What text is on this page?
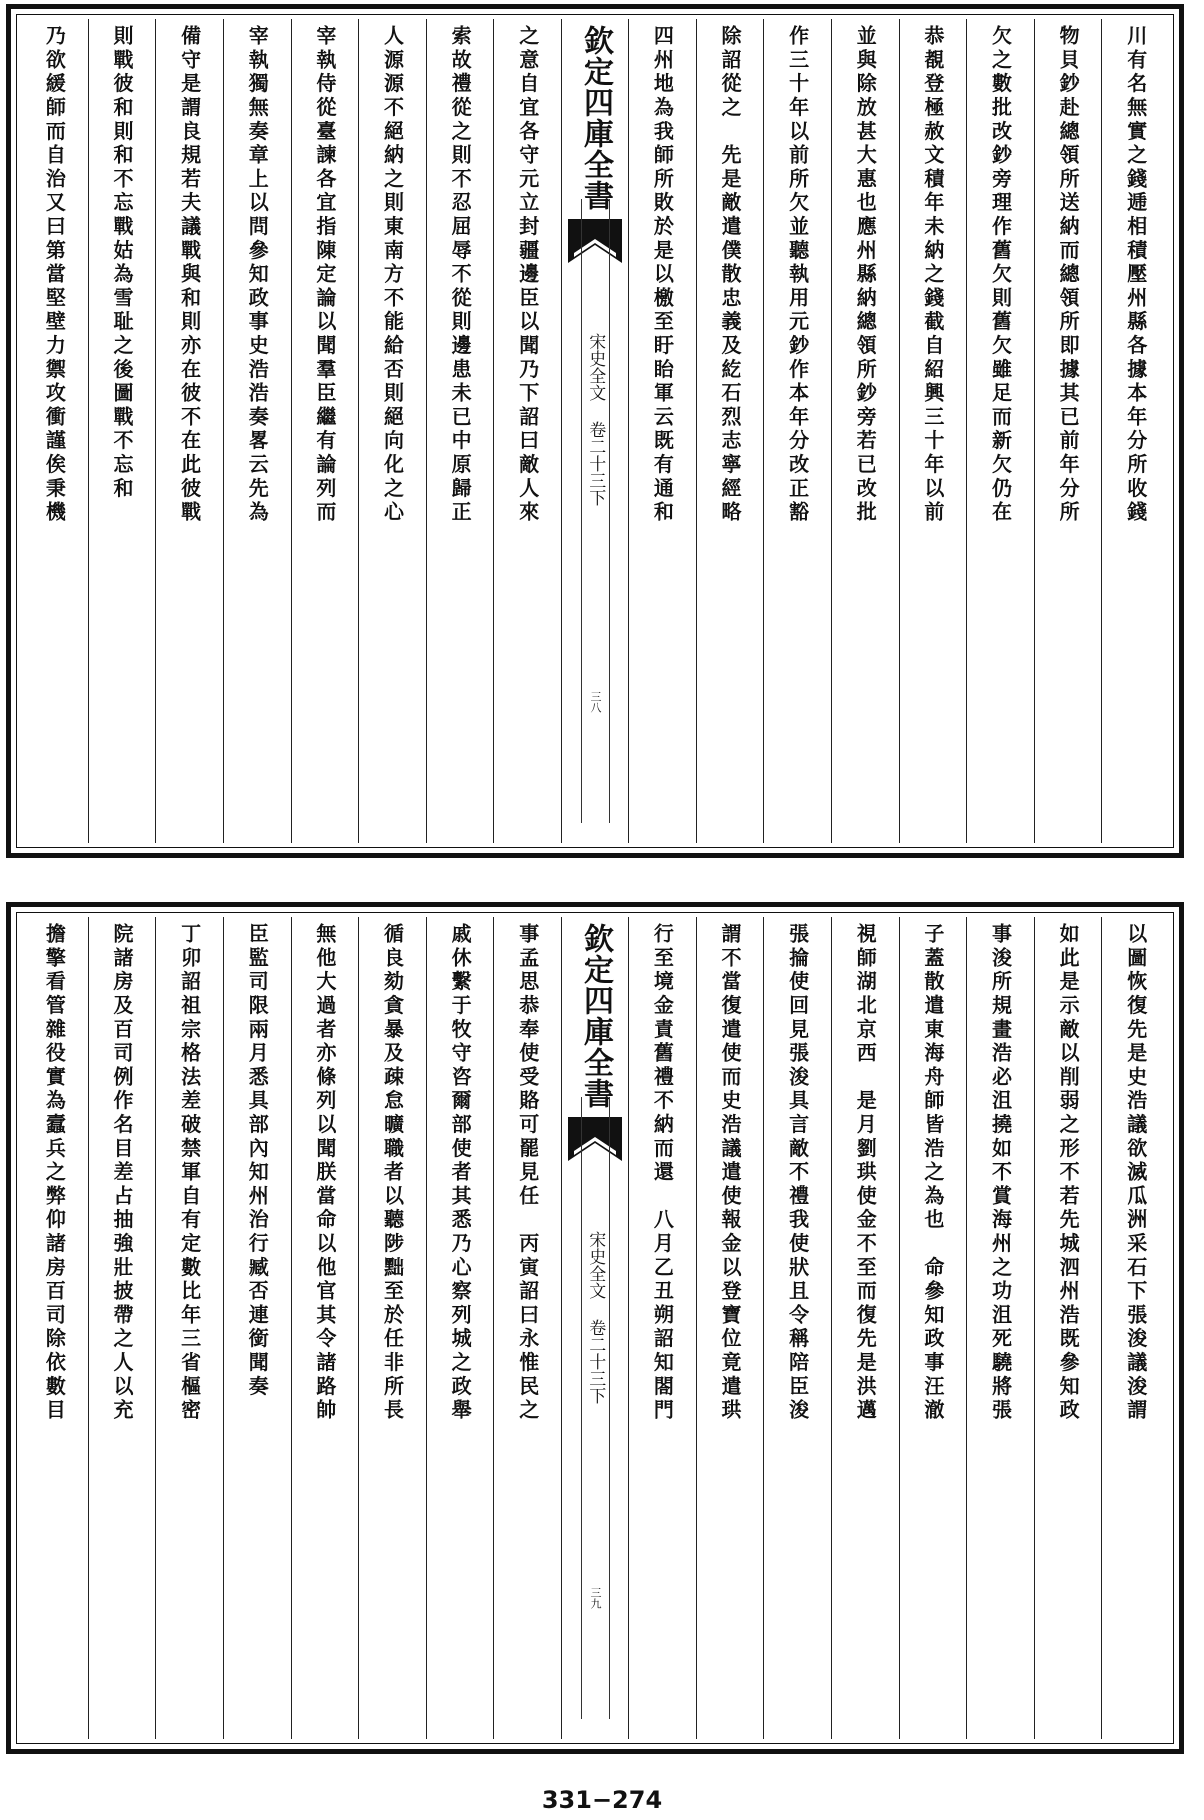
川有名無實之錢逓相積壓州縣各據本年分所收錢
物貝鈔赴總領所送納而總領所即據其已前年分所
欠之數批改鈔旁理作舊欠則舊欠雖足而新欠仍在
恭覩登極赦文積年未納之錢截自紹興三十年以前
並與除放甚大惠也應州縣納總領所鈔旁若已改批
作三十年以前所欠並聽執用元鈔作本年分改正豁
除詔從之　先是敵遣僕散忠義及紇石烈志寧經略
四州地為我師所敗於是以檄至盱眙軍云既有通和
欽定四庫全書
宋史全文 卷二十三下
三八
之意自宜各守元立封疆邊臣以聞乃下詔曰敵人來
索故禮從之則不忍屈辱不從則邊患未已中原歸正
人源源不絕納之則東南方不能給否則絕向化之心
宰執侍從臺諫各宜指陳定論以聞羣臣繼有論列而
宰執獨無奏章上以問參知政事史浩浩奏畧云先為
備守是謂良規若夫議戰與和則亦在彼不在此彼戰
則戰彼和則和不忘戰姑為雪耻之後圖戰不忘和
乃欲緩師而自治又曰第當堅壁力禦攻衝謹俟秉機
以圖恢復先是史浩議欲滅瓜洲采石下張浚議浚謂
如此是示敵以削弱之形不若先城泗州浩既參知政
事浚所規畫浩必沮撓如不賞海州之功沮死驍將張
子蓋散遣東海舟師皆浩之為也　命參知政事汪澈
視師湖北京西　是月劉珙使金不至而復先是洪邁
張掄使回見張浚具言敵不禮我使狀且令稱陪臣浚
謂不當復遣使而史浩議遣使報金以登寶位竟遣珙
行至境金責舊禮不納而還　八月乙丑朔詔知閤門
欽定四庫全書
宋史全文 卷二十三下
三九
事孟思恭奉使受賂可罷見任　丙寅詔曰永惟民之
戚休繫于牧守咨爾部使者其悉乃心察列城之政舉
循良劾貪暴及疎怠曠職者以聽陟黜至於任非所長
無他大過者亦條列以聞朕當命以他官其令諸路帥
臣監司限兩月悉具部內知州治行臧否連銜聞奏
丁卯詔祖宗格法差破禁軍自有定數比年三省樞密
院諸房及百司例作名目差占抽強壯披帶之人以充
擔擎看管雜役實為蠧兵之弊仰諸房百司除依數目
331−274
